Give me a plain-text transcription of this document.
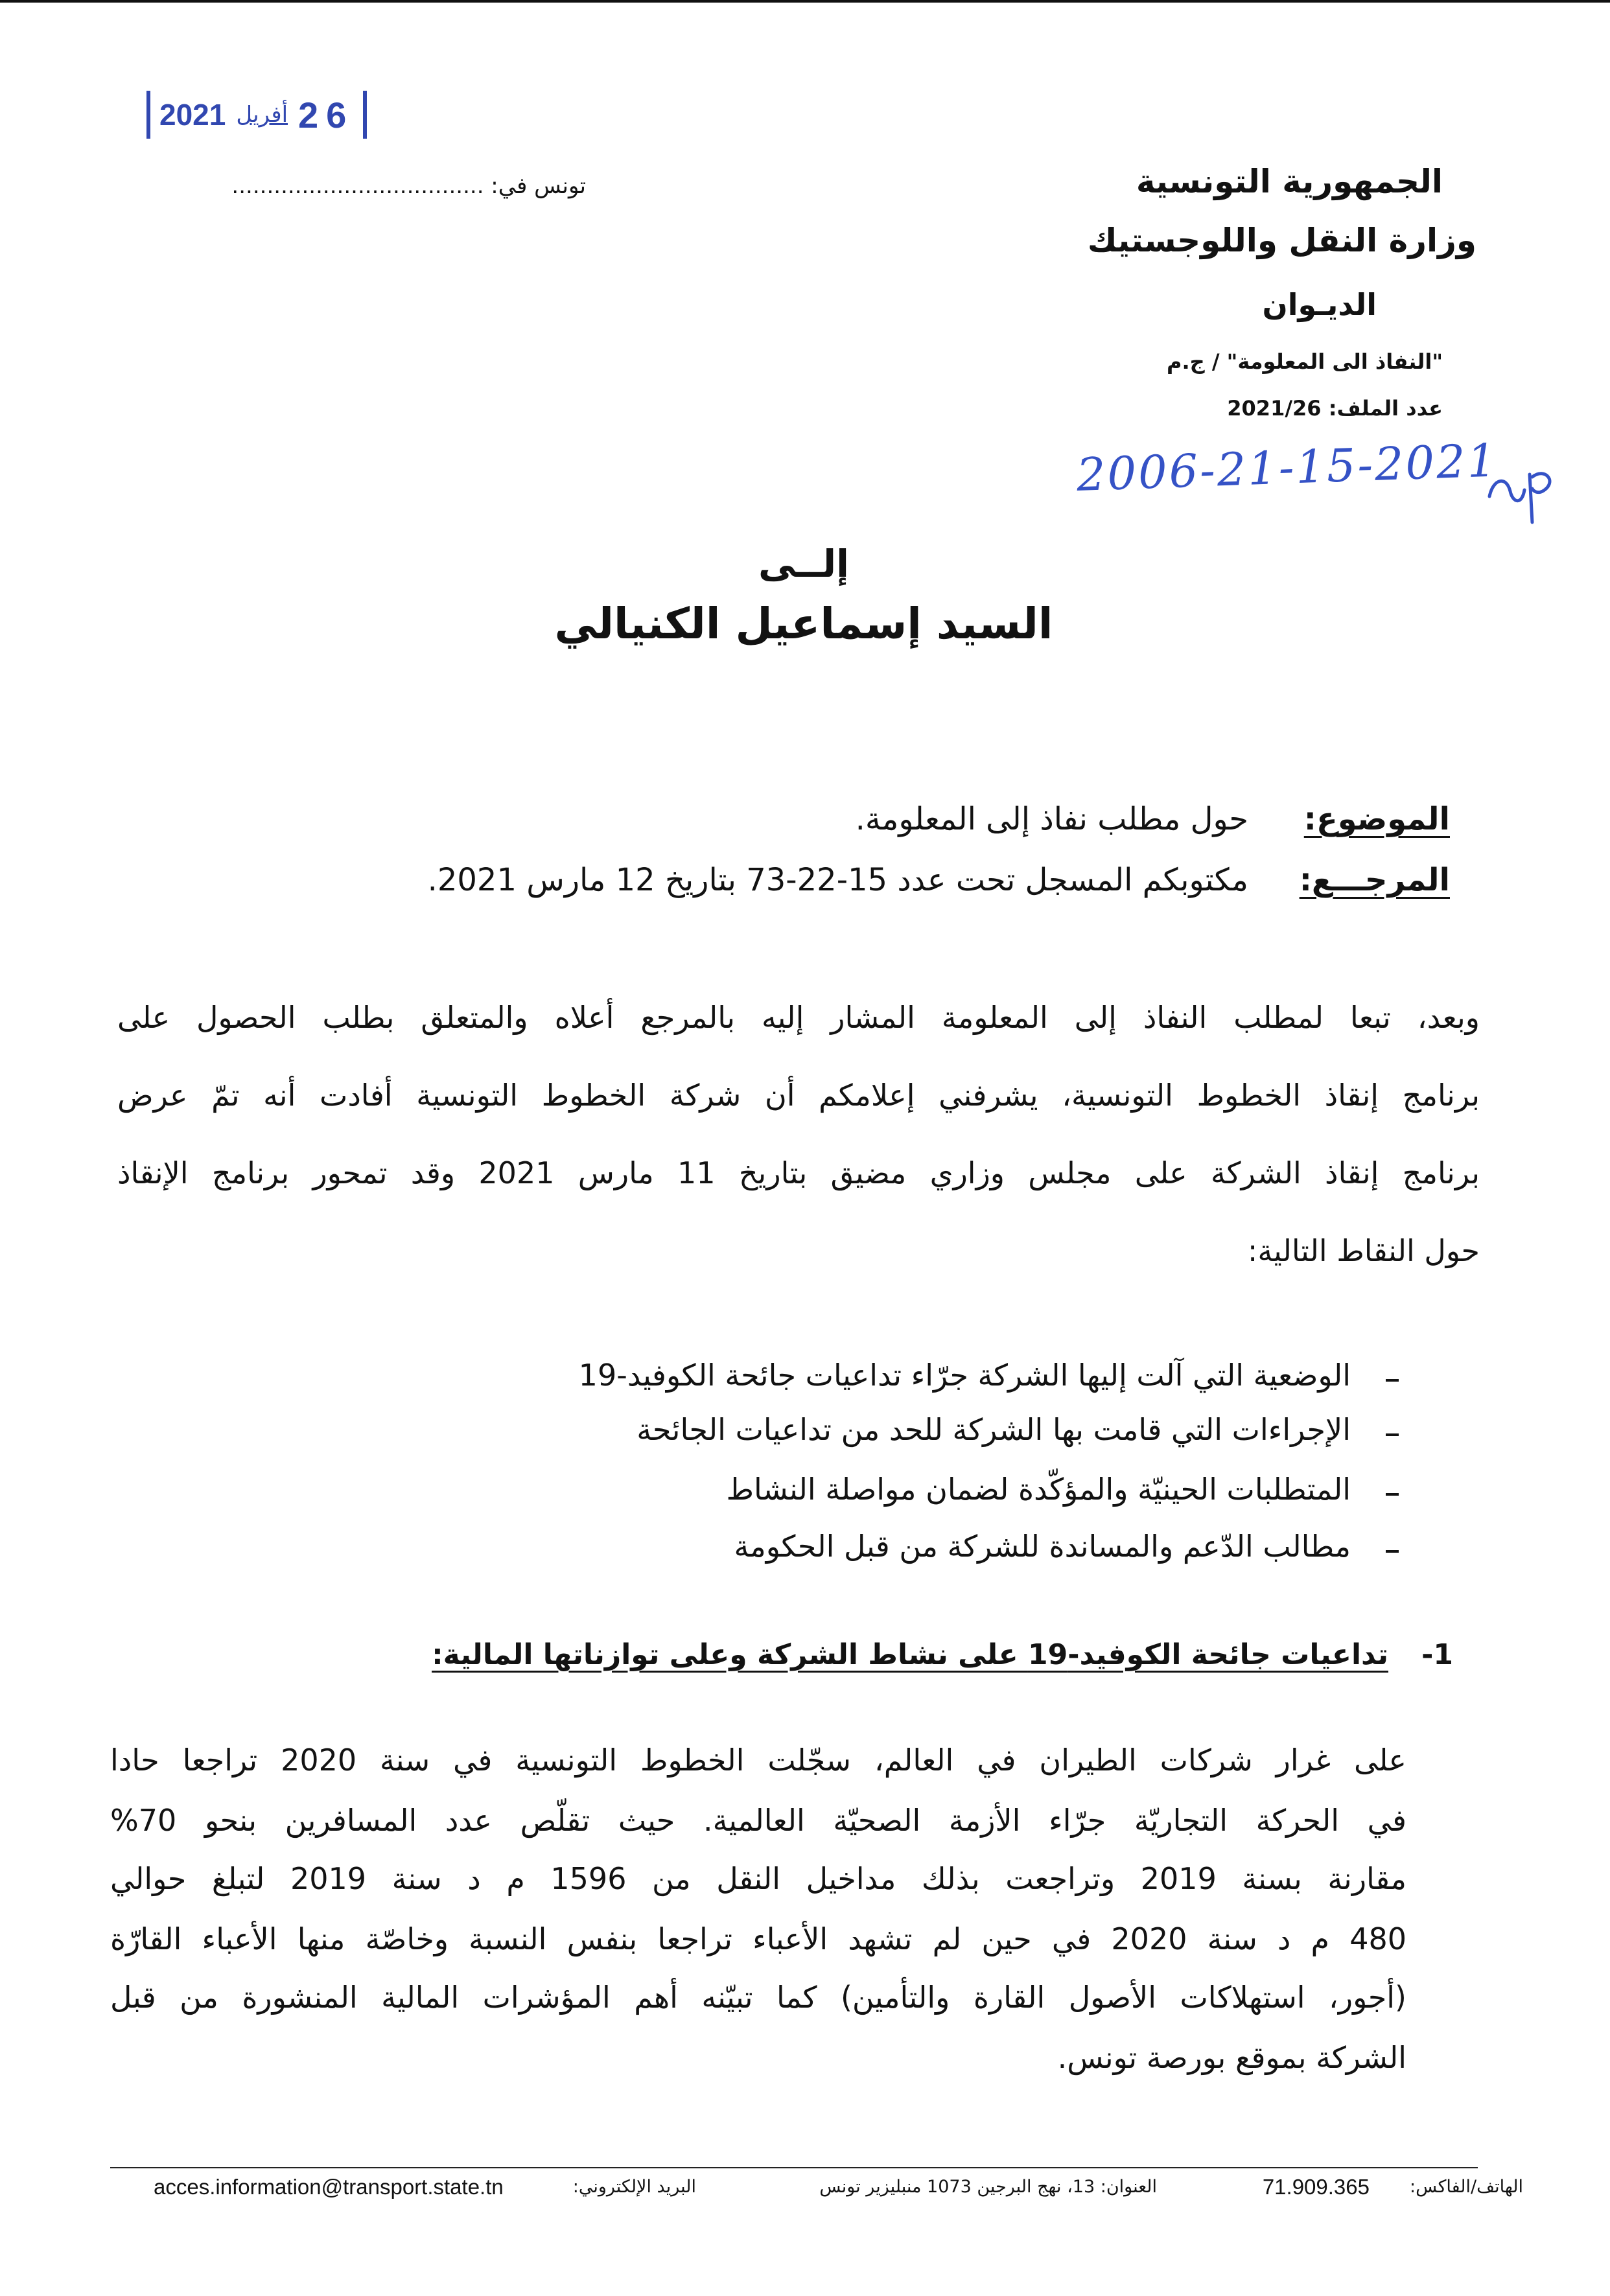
2021 أفريل 26
تونس في: ....................................	الجمهورية التونسية
وزارة النقل واللوجستيك
الديـوان
"النفاذ الى المعلومة" / ج.م
عدد الملف: 2021/26
2006-21-15-2021
إلــى
السيد إسماعيل الكنيالي
الموضوع:
حول مطلب نفاذ إلى المعلومة.
المرجـــع:
مكتوبكم المسجل تحت عدد 15-22-73 بتاريخ 12 مارس 2021.
وبعد، تبعا لمطلب النفاذ إلى المعلومة المشار إليه بالمرجع أعلاه والمتعلق بطلب الحصول على
برنامج إنقاذ الخطوط التونسية، يشرفني إعلامكم أن شركة الخطوط التونسية أفادت أنه تمّ عرض
برنامج إنقاذ الشركة على مجلس وزاري مضيق بتاريخ 11 مارس 2021 وقد تمحور برنامج الإنقاذ
حول النقاط التالية:
الوضعية التي آلت إليها الشركة جرّاء تداعيات جائحة الكوفيد-19
الإجراءات التي قامت بها الشركة للحد من تداعيات الجائحة
المتطلبات الحينيّة والمؤكّدة لضمان مواصلة النشاط
مطالب الدّعم والمساندة للشركة من قبل الحكومة
1-
تداعيات جائحة الكوفيد-19 على نشاط الشركة وعلى توازناتها المالية:
على غرار شركات الطيران في العالم، سجّلت الخطوط التونسية في سنة 2020 تراجعا حادا
في الحركة التجاريّة جرّاء الأزمة الصحيّة العالمية. حيث تقلّص عدد المسافرين بنحو 70%
مقارنة بسنة 2019 وتراجعت بذلك مداخيل النقل من 1596 م د سنة 2019 لتبلغ حوالي
480 م د سنة 2020 في حين لم تشهد الأعباء تراجعا بنفس النسبة وخاصّة منها الأعباء القارّة
(أجور، استهلاكات الأصول القارة والتأمين) كما تبيّنه أهم المؤشرات المالية المنشورة من قبل
الشركة بموقع بورصة تونس.
الهاتف/الفاكس:
71.909.365
العنوان: 13، نهج البرجين 1073 منبليزير تونس
البريد الإلكتروني:
acces.information@transport.state.tn
